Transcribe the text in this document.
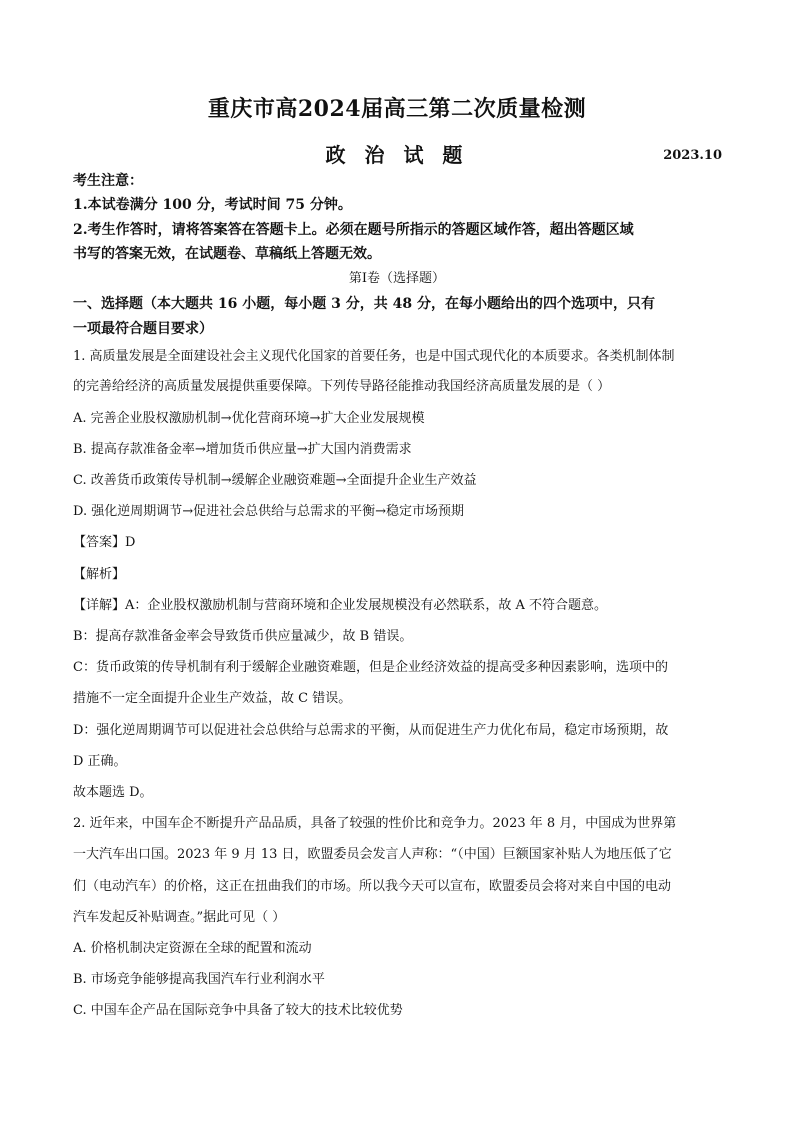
重庆市高2024届高三第二次质量检测
政 治 试 题	2023.10
考生注意：
1.本试卷满分 100 分，考试时间 75 分钟。
2.考生作答时，请将答案答在答题卡上。必须在题号所指示的答题区域作答，超出答题区域
书写的答案无效，在试题卷、草稿纸上答题无效。
第Ⅰ卷（选择题）
一、选择题（本大题共 16 小题，每小题 3 分，共 48 分，在每小题给出的四个选项中，只有
一项最符合题目要求）
1. 高质量发展是全面建设社会主义现代化国家的首要任务，也是中国式现代化的本质要求。各类机制体制
的完善给经济的高质量发展提供重要保障。下列传导路径能推动我国经济高质量发展的是（ ）
A. 完善企业股权激励机制→优化营商环境→扩大企业发展规模
B. 提高存款准备金率→增加货币供应量→扩大国内消费需求
C. 改善货币政策传导机制→缓解企业融资难题→全面提升企业生产效益
D. 强化逆周期调节→促进社会总供给与总需求的平衡→稳定市场预期
【答案】D
【解析】
【详解】A：企业股权激励机制与营商环境和企业发展规模没有必然联系，故 A 不符合题意。
B：提高存款准备金率会导致货币供应量减少，故 B 错误。
C：货币政策的传导机制有利于缓解企业融资难题，但是企业经济效益的提高受多种因素影响，选项中的
措施不一定全面提升企业生产效益，故 C 错误。
D：强化逆周期调节可以促进社会总供给与总需求的平衡，从而促进生产力优化布局，稳定市场预期，故
D 正确。
故本题选 D。
2. 近年来，中国车企不断提升产品品质，具备了较强的性价比和竞争力。2023 年 8 月，中国成为世界第
一大汽车出口国。2023 年 9 月 13 日，欧盟委员会发言人声称：“（中国）巨额国家补贴人为地压低了它
们（电动汽车）的价格，这正在扭曲我们的市场。所以我今天可以宣布，欧盟委员会将对来自中国的电动
汽车发起反补贴调查。”据此可见（ ）
A. 价格机制决定资源在全球的配置和流动
B. 市场竞争能够提高我国汽车行业利润水平
C. 中国车企产品在国际竞争中具备了较大的技术比较优势
